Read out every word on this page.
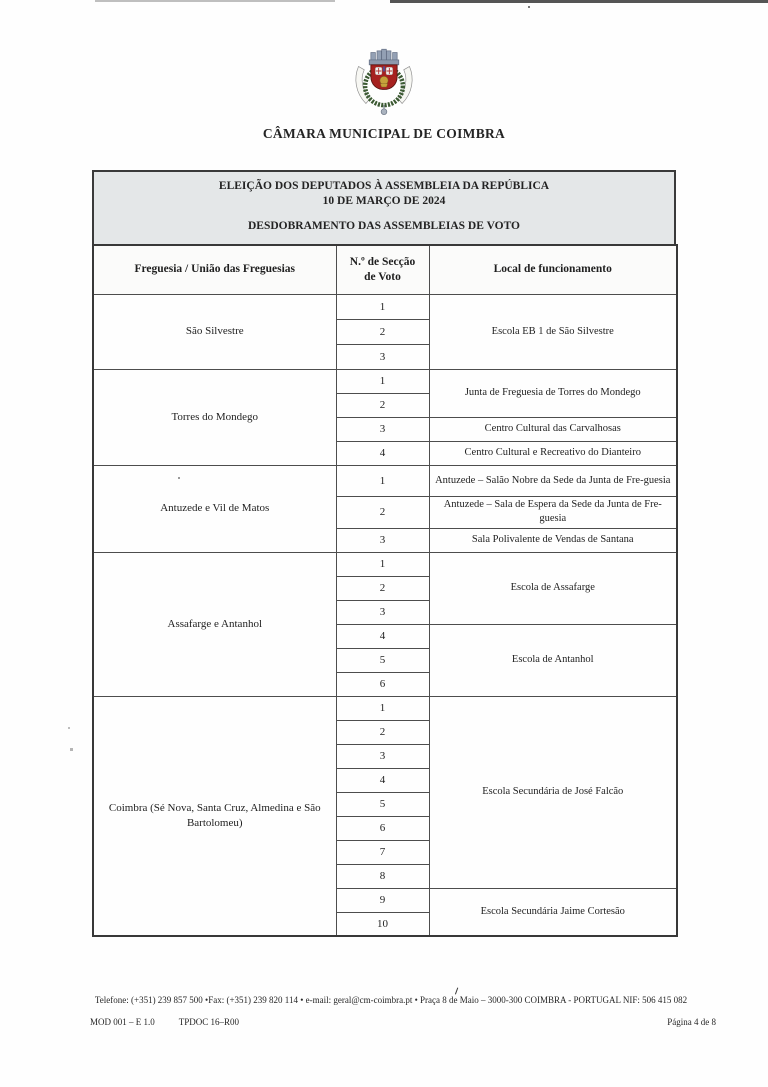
CÂMARA MUNICIPAL DE COIMBRA
ELEIÇÃO DOS DEPUTADOS À ASSEMBLEIA DA REPÚBLICA
10 DE MARÇO DE 2024
DESDOBRAMENTO DAS ASSEMBLEIAS DE VOTO
Freguesia / União das Freguesias	N.º de Secção de Voto	Local de funcionamento
São Silvestre	1	Escola EB 1 de São Silvestre
	2	
	3	
Torres do Mondego	1	Junta de Freguesia de Torres do Mondego
	2	
	3	Centro Cultural das Carvalhosas
	4	Centro Cultural e Recreativo do Dianteiro
Antuzede e Vil de Matos	1	Antuzede – Salão Nobre da Sede da Junta de Fre-guesia
	2	Antuzede – Sala de Espera da Sede da Junta de Fre-guesia
	3	Sala Polivalente de Vendas de Santana
Assafarge e Antanhol	1	Escola de Assafarge
	2	
	3	
	4	Escola de Antanhol
	5	
	6	
Coimbra (Sé Nova, Santa Cruz, Almedina e São Bartolomeu)	1	Escola Secundária de José Falcão
	2	
	3	
	4	
	5	
	6	
	7	
	8	
	9	Escola Secundária Jaime Cortesão
	10	
Telefone: (+351) 239 857 500 •Fax: (+351) 239 820 114 • e-mail: geral@cm-coimbra.pt • Praça 8 de Maio – 3000-300 COIMBRA - PORTUGAL NIF: 506 415 082
MOD 001 – E 1.0	TPDOC 16–R00	Página 4 de 8
